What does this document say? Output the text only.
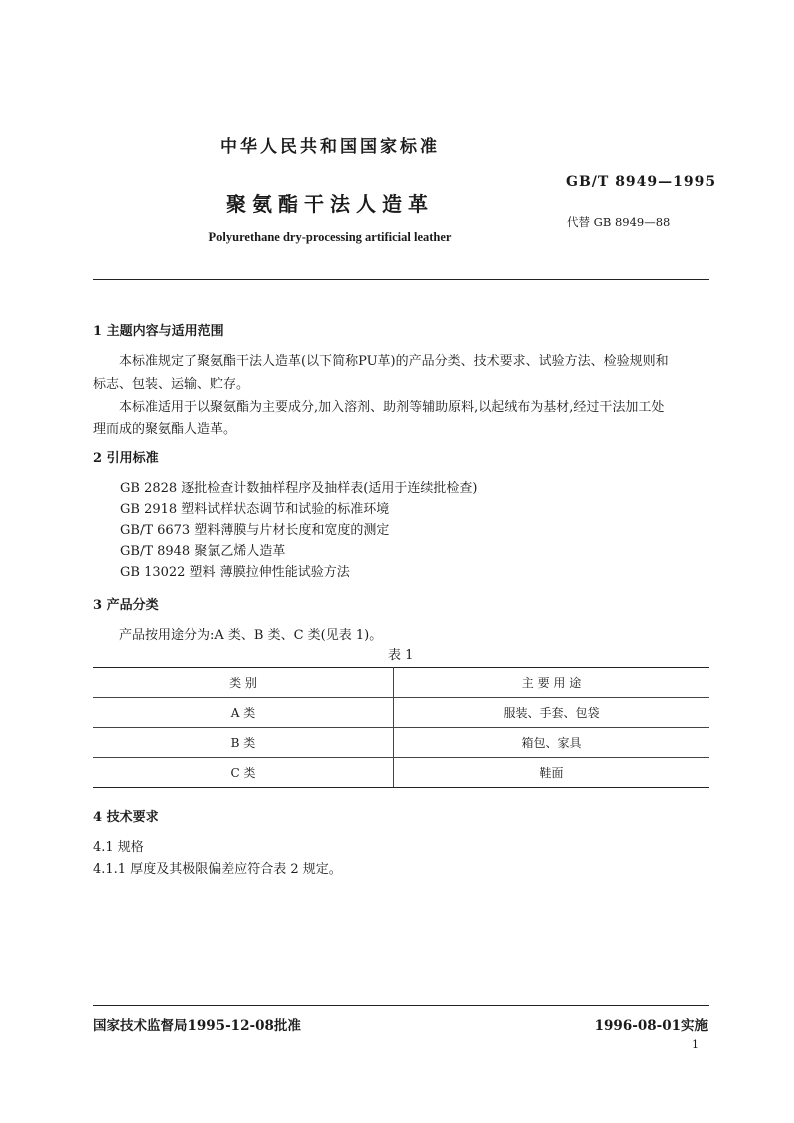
中华人民共和国国家标准
GB/T 8949—1995
聚氨酯干法人造革
代替 GB 8949—88
Polyurethane dry-processing artificial leather
1 主题内容与适用范围
本标准规定了聚氨酯干法人造革(以下简称PU革)的产品分类、技术要求、试验方法、检验规则和
标志、包装、运输、贮存。
本标准适用于以聚氨酯为主要成分,加入溶剂、助剂等辅助原料,以起绒布为基材,经过干法加工处
理而成的聚氨酯人造革。
2 引用标准
GB 2828 逐批检查计数抽样程序及抽样表(适用于连续批检查)
GB 2918 塑料试样状态调节和试验的标准环境
GB/T 6673 塑料薄膜与片材长度和宽度的测定
GB/T 8948 聚氯乙烯人造革
GB 13022 塑料 薄膜拉伸性能试验方法
3 产品分类
产品按用途分为:A 类、B 类、C 类(见表 1)。
表 1
类 别	主 要 用 途
A 类	服装、手套、包袋
B 类	箱包、家具
C 类	鞋面
4 技术要求
4.1 规格
4.1.1 厚度及其极限偏差应符合表 2 规定。
国家技术监督局1995-12-08批准	1996-08-01实施
1
